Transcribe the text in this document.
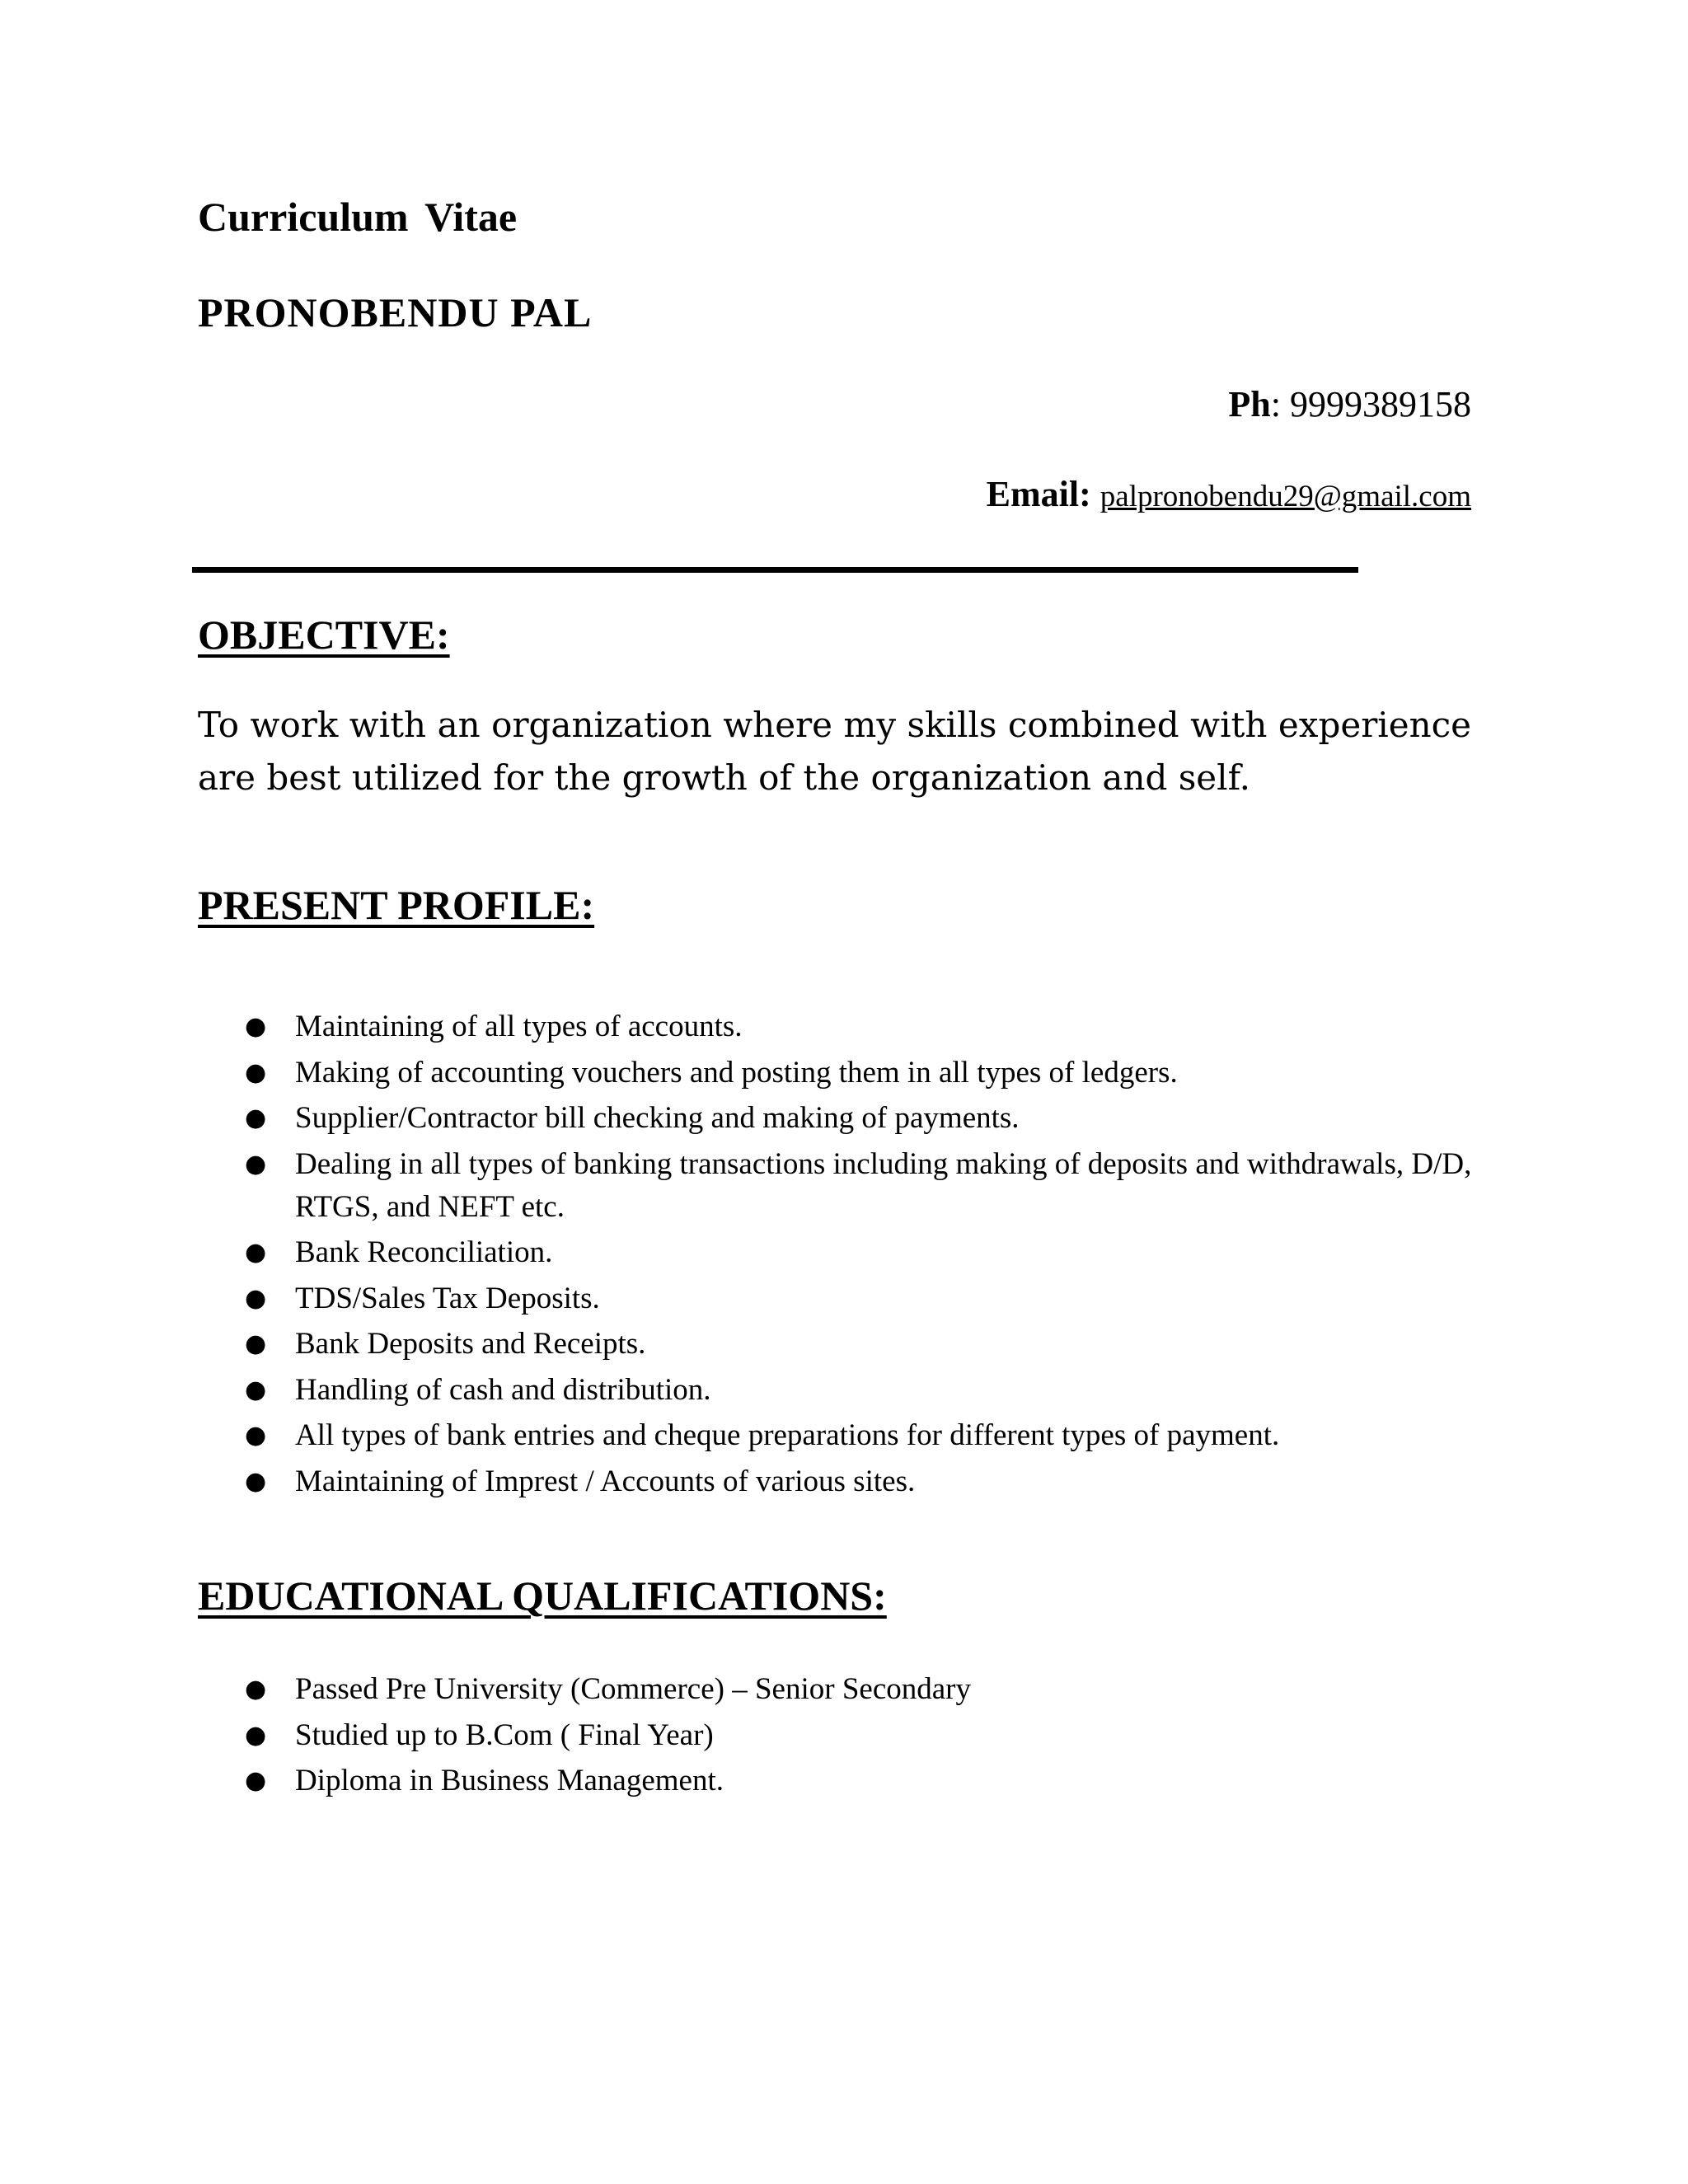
Curriculum Vitae
PRONOBENDU PAL
Ph: 9999389158
Email: palpronobendu29@gmail.com
OBJECTIVE:

To work with an organization where my skills combined with experience are best utilized for the growth of the organization and self.

PRESENT PROFILE:
● Maintaining of all types of accounts.
● Making of accounting vouchers and posting them in all types of ledgers.
● Supplier/Contractor bill checking and making of payments.
● Dealing in all types of banking transactions including making of deposits and withdrawals, D/D, RTGS, and NEFT etc.
● Bank Reconciliation.
● TDS/Sales Tax Deposits.
● Bank Deposits and Receipts.
● Handling of cash and distribution.
● All types of bank entries and cheque preparations for different types of payment.
● Maintaining of Imprest / Accounts of various sites.
EDUCATIONAL QUALIFICATIONS:
● Passed Pre University (Commerce) – Senior Secondary
● Studied up to B.Com ( Final Year)
● Diploma in Business Management.
